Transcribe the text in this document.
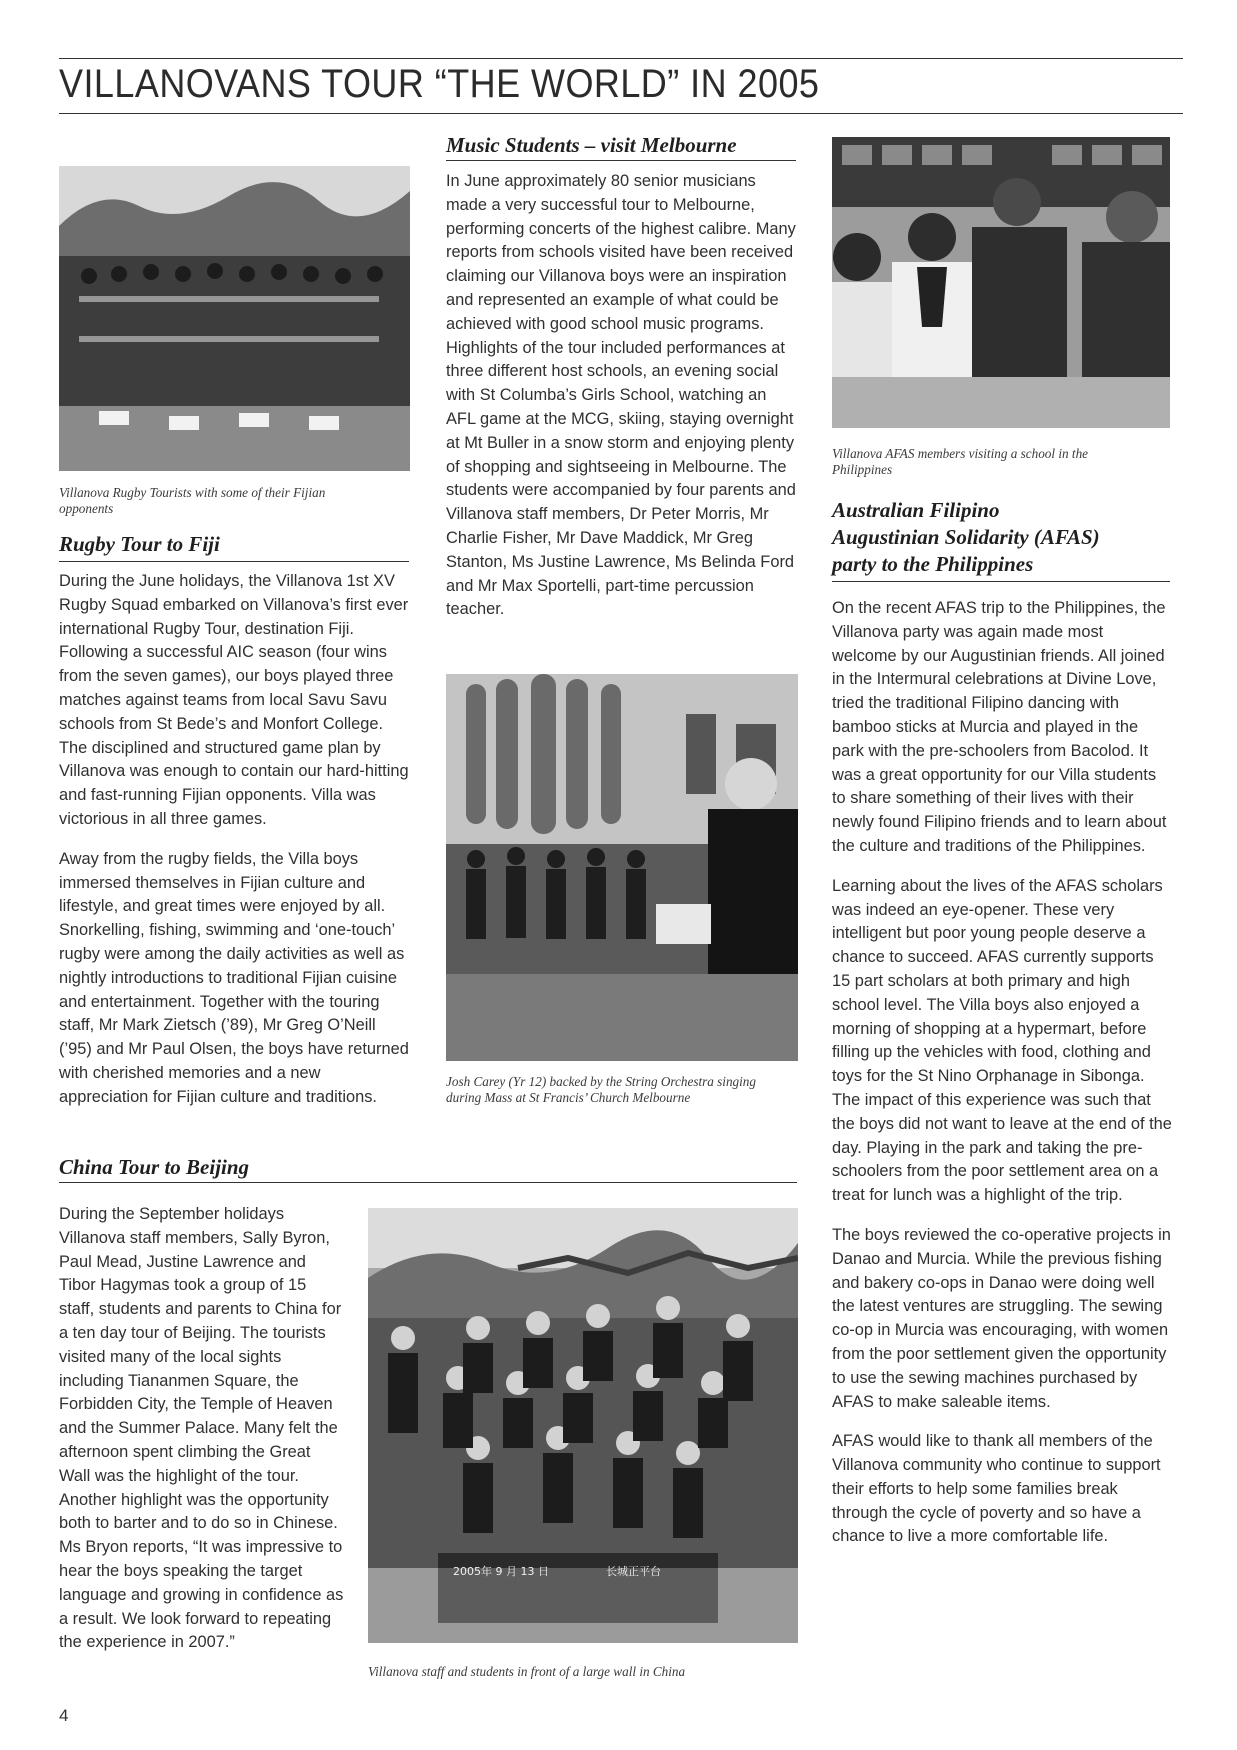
VILLANOVANS TOUR “THE WORLD” IN 2005

Villanova Rugby Tourists with some of their Fijian opponents

Rugby Tour to Fiji

During the June holidays, the Villanova 1st XV Rugby Squad embarked on Villanova’s first ever international Rugby Tour, destination Fiji. Following a successful AIC season (four wins from the seven games), our boys played three matches against teams from local Savu Savu schools from St Bede’s and Monfort College. The disciplined and structured game plan by Villanova was enough to contain our hard-hitting and fast-running Fijian opponents. Villa was victorious in all three games.

Away from the rugby fields, the Villa boys immersed themselves in Fijian culture and lifestyle, and great times were enjoyed by all. Snorkelling, fishing, swimming and ‘one-touch’ rugby were among the daily activities as well as nightly introductions to traditional Fijian cuisine and entertainment. Together with the touring staff, Mr Mark Zietsch (’89), Mr Greg O’Neill (’95) and Mr Paul Olsen, the boys have returned with cherished memories and a new appreciation for Fijian culture and traditions.

Music Students – visit Melbourne

In June approximately 80 senior musicians made a very successful tour to Melbourne, performing concerts of the highest calibre. Many reports from schools visited have been received claiming our Villanova boys were an inspiration and represented an example of what could be achieved with good school music programs. Highlights of the tour included performances at three different host schools, an evening social with St Columba’s Girls School, watching an AFL game at the MCG, skiing, staying overnight at Mt Buller in a snow storm and enjoying plenty of shopping and sightseeing in Melbourne. The students were accompanied by four parents and Villanova staff members, Dr Peter Morris, Mr Charlie Fisher, Mr Dave Maddick, Mr Greg Stanton, Ms Justine Lawrence, Ms Belinda Ford and Mr Max Sportelli, part-time percussion teacher.

Josh Carey (Yr 12) backed by the String Orchestra singing during Mass at St Francis’ Church Melbourne

Villanova AFAS members visiting a school in the Philippines

Australian Filipino
Augustinian Solidarity (AFAS)
party to the Philippines

On the recent AFAS trip to the Philippines, the Villanova party was again made most welcome by our Augustinian friends. All joined in the Intermural celebrations at Divine Love, tried the traditional Filipino dancing with bamboo sticks at Murcia and played in the park with the pre-schoolers from Bacolod. It was a great opportunity for our Villa students to share something of their lives with their newly found Filipino friends and to learn about the culture and traditions of the Philippines.

Learning about the lives of the AFAS scholars was indeed an eye-opener. These very intelligent but poor young people deserve a chance to succeed. AFAS currently supports 15 part scholars at both primary and high school level. The Villa boys also enjoyed a morning of shopping at a hypermart, before filling up the vehicles with food, clothing and toys for the St Nino Orphanage in Sibonga. The impact of this experience was such that the boys did not want to leave at the end of the day. Playing in the park and taking the pre-schoolers from the poor settlement area on a treat for lunch was a highlight of the trip.

The boys reviewed the co-operative projects in Danao and Murcia. While the previous fishing and bakery co-ops in Danao were doing well the latest ventures are struggling. The sewing co-op in Murcia was encouraging, with women from the poor settlement given the opportunity to use the sewing machines purchased by AFAS to make saleable items.

AFAS would like to thank all members of the Villanova community who continue to support their efforts to help some families break through the cycle of poverty and so have a chance to live a more comfortable life.

China Tour to Beijing

During the September holidays Villanova staff members, Sally Byron, Paul Mead, Justine Lawrence and Tibor Hagymas took a group of 15 staff, students and parents to China for a ten day tour of Beijing. The tourists visited many of the local sights including Tiananmen Square, the Forbidden City, the Temple of Heaven and the Summer Palace. Many felt the afternoon spent climbing the Great Wall was the highlight of the tour. Another highlight was the opportunity both to barter and to do so in Chinese. Ms Bryon reports, “It was impressive to hear the boys speaking the target language and growing in confidence as a result. We look forward to repeating the experience in 2007.”

2005年 9 月 13 日	长城正平台

Villanova staff and students in front of a large wall in China

4
